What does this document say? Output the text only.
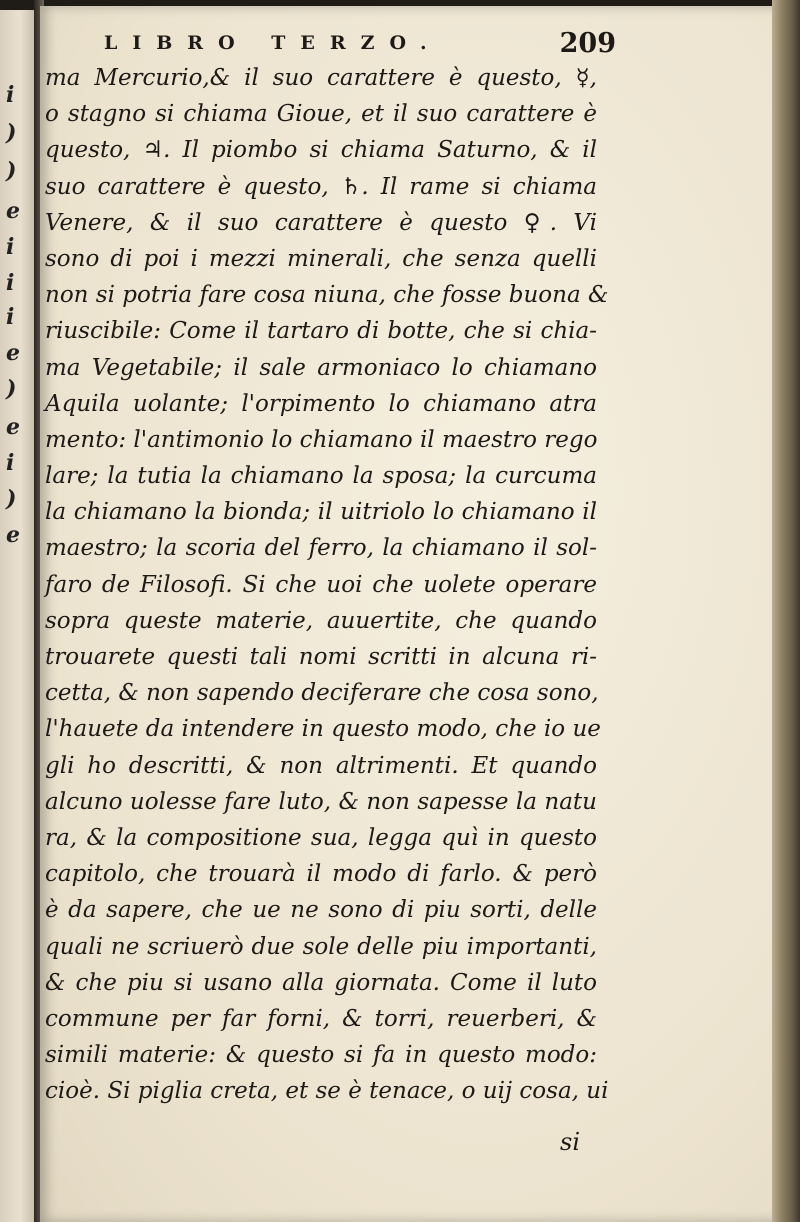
i
)
)
e
i
i
i
e
)
e
i
)
e
LIBRO TERZO.	209
ma Mercurio,& il suo carattere è questo, ☿,
o stagno si chiama Gioue, et il suo carattere è
questo, ♃. Il piombo si chiama Saturno, & il
suo carattere è questo, ♄. Il rame si chiama
Venere, & il suo carattere è questo ♀. Vi
sono di poi i mezzi minerali, che senza quelli
non si potria fare cosa niuna, che fosse buona &
riuscibile: Come il tartaro di botte, che si chia-
ma Vegetabile; il sale armoniaco lo chiamano
Aquila uolante; l'orpimento lo chiamano atra
mento: l'antimonio lo chiamano il maestro rego
lare; la tutia la chiamano la sposa; la curcuma
la chiamano la bionda; il uitriolo lo chiamano il
maestro; la scoria del ferro, la chiamano il sol-
faro de Filosofi. Si che uoi che uolete operare
sopra queste materie, auuertite, che quando
trouarete questi tali nomi scritti in alcuna ri-
cetta, & non sapendo deciferare che cosa sono,
l'hauete da intendere in questo modo, che io ue
gli ho descritti, & non altrimenti. Et quando
alcuno uolesse fare luto, & non sapesse la natu
ra, & la compositione sua, legga quì in questo
capitolo, che trouarà il modo di farlo. & però
è da sapere, che ue ne sono di piu sorti, delle
quali ne scriuerò due sole delle piu importanti,
& che piu si usano alla giornata. Come il luto
commune per far forni, & torri, reuerberi, &
simili materie: & questo si fa in questo modo:
cioè. Si piglia creta, et se è tenace, o uij cosa, ui
si
